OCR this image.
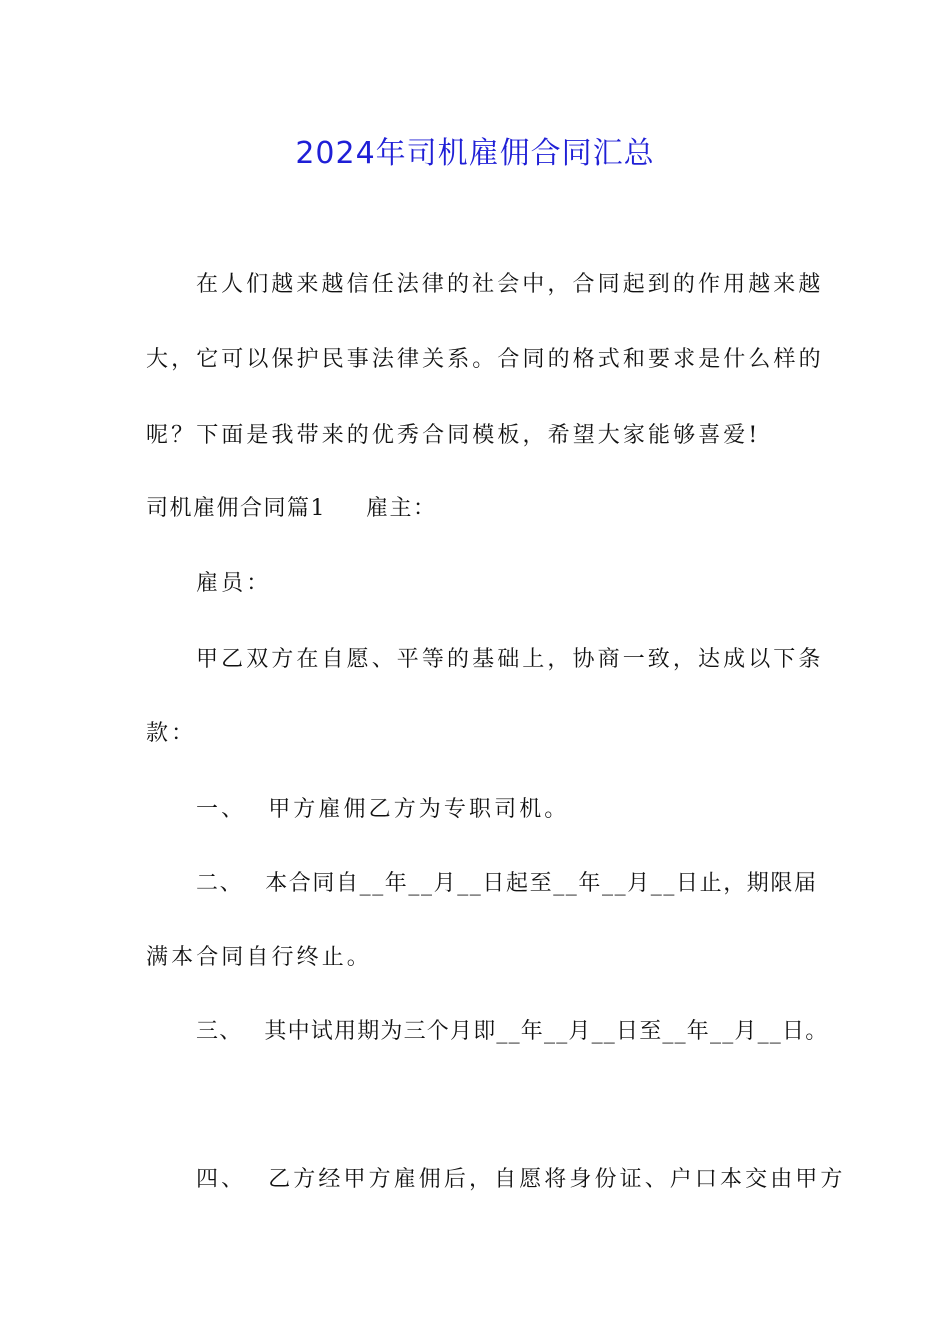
2024年司机雇佣合同汇总
在人们越来越信任法律的社会中，合同起到的作用越来越
大，它可以保护民事法律关系。合同的格式和要求是什么样的
呢？下面是我带来的优秀合同模板，希望大家能够喜爱!
司机雇佣合同篇1 雇主：
雇员：
甲乙双方在自愿、平等的基础上，协商一致，达成以下条
款：
一、 甲方雇佣乙方为专职司机。
二、 本合同自__年__月__日起至__年__月__日止，期限届
满本合同自行终止。
三、 其中试用期为三个月即__年__月__日至__年__月__日。
四、 乙方经甲方雇佣后，自愿将身份证、户口本交由甲方
